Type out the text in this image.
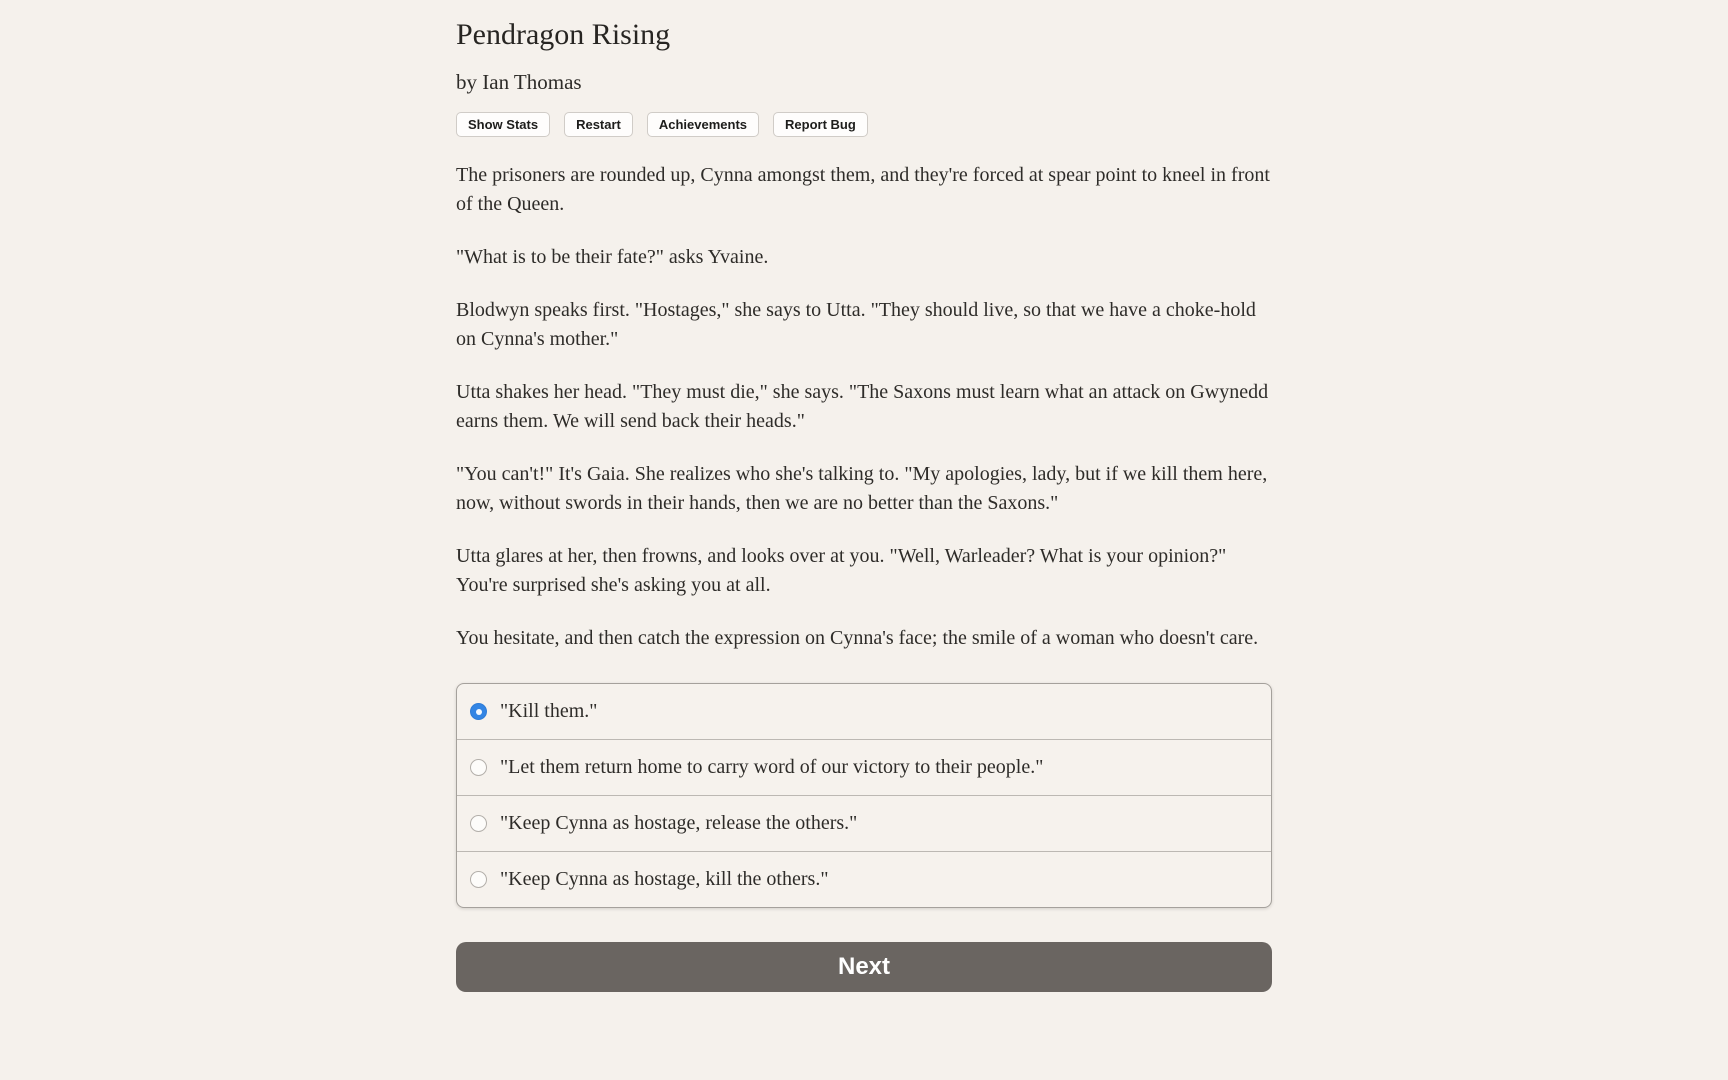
Pendragon Rising
by Ian Thomas
Show Stats	Restart	Achievements	Report Bug

The prisoners are rounded up, Cynna amongst them, and they're forced at spear point to kneel in front of the Queen.

"What is to be their fate?" asks Yvaine.

Blodwyn speaks first. "Hostages," she says to Utta. "They should live, so that we have a choke-hold on Cynna's mother."

Utta shakes her head. "They must die," she says. "The Saxons must learn what an attack on Gwynedd earns them. We will send back their heads."

"You can't!" It's Gaia. She realizes who she's talking to. "My apologies, lady, but if we kill them here, now, without swords in their hands, then we are no better than the Saxons."

Utta glares at her, then frowns, and looks over at you. "Well, Warleader? What is your opinion?" You're surprised she's asking you at all.

You hesitate, and then catch the expression on Cynna's face; the smile of a woman who doesn't care.

"Kill them."
"Let them return home to carry word of our victory to their people."
"Keep Cynna as hostage, release the others."
"Keep Cynna as hostage, kill the others."
Next
